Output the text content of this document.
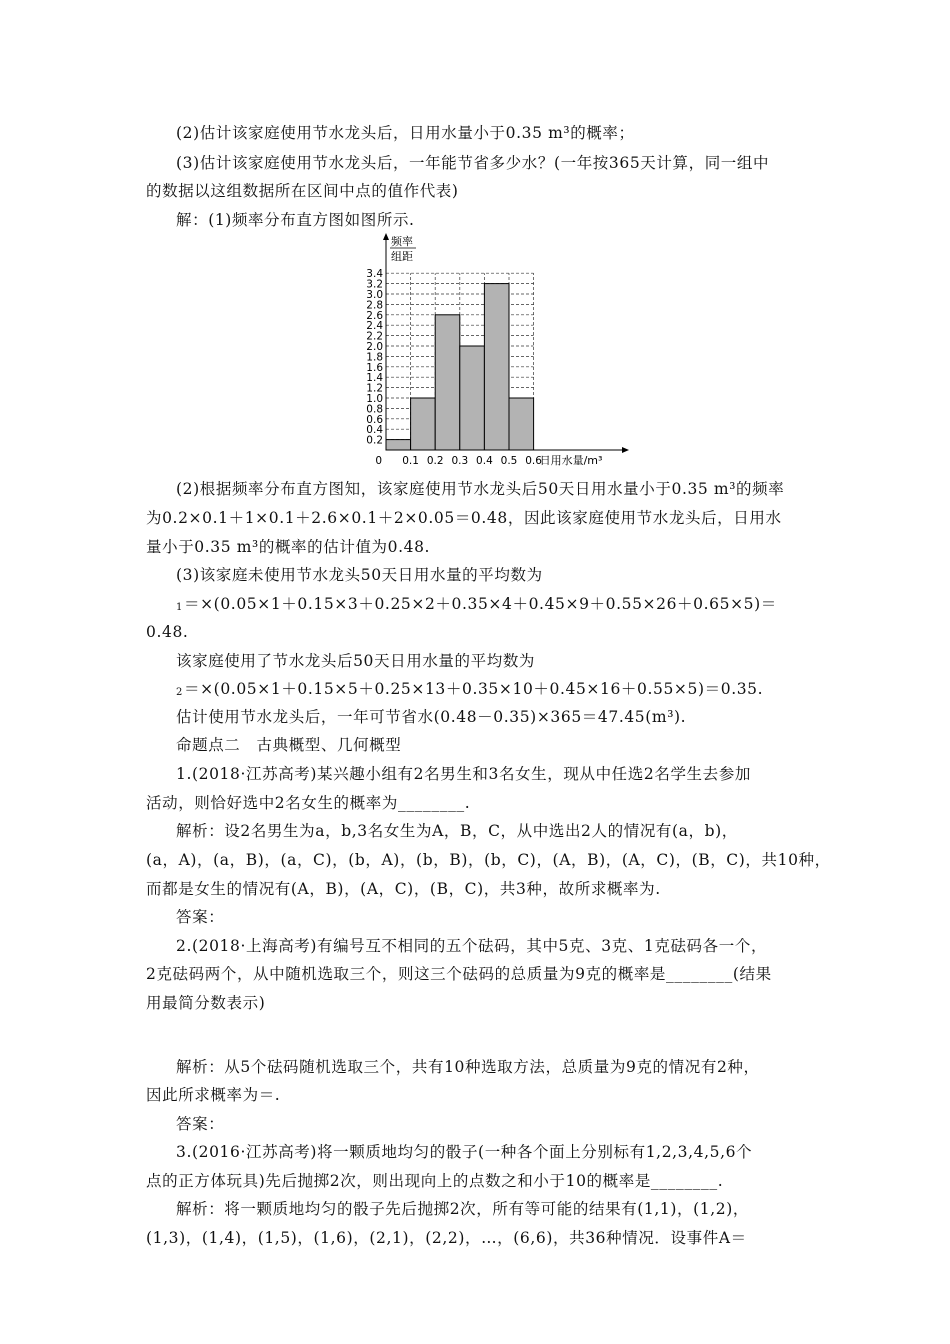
(2)估计该家庭使用节水龙头后，日用水量小于0.35 m³的概率；
(3)估计该家庭使用节水龙头后，一年能节省多少水？(一年按365天计算，同一组中
的数据以这组数据所在区间中点的值作代表)
解：(1)频率分布直方图如图所示.
0.2
0.4
0.6
0.8
1.0
1.2
1.4
1.6
1.8
2.0
2.2
2.4
2.6
2.8
3.0
3.2
3.4
0.1 0.2 0.3 0.4 0.5 0.6
0
频率
组距
日用水量/m³
(2)根据频率分布直方图知，该家庭使用节水龙头后50天日用水量小于0.35 m³的频率
为0.2×0.1＋1×0.1＋2.6×0.1＋2×0.05＝0.48，因此该家庭使用节水龙头后，日用水
量小于0.35 m³的概率的估计值为0.48.
(3)该家庭未使用节水龙头50天日用水量的平均数为
1 ＝×(0.05×1＋0.15×3＋0.25×2＋0.35×4＋0.45×9＋0.55×26＋0.65×5)＝
0.48.
该家庭使用了节水龙头后50天日用水量的平均数为
2 ＝×(0.05×1＋0.15×5＋0.25×13＋0.35×10＋0.45×16＋0.55×5)＝0.35.
估计使用节水龙头后，一年可节省水(0.48－0.35)×365＝47.45(m³).
命题点二　古典概型、几何概型
1.(2018·江苏高考)某兴趣小组有2名男生和3名女生，现从中任选2名学生去参加
活动，则恰好选中2名女生的概率为________.
解析：设2名男生为a，b,3名女生为A，B，C，从中选出2人的情况有(a，b)，
(a，A)，(a，B)，(a，C)，(b，A)，(b，B)，(b，C)，(A，B)，(A，C)，(B，C)，共10种，
而都是女生的情况有(A，B)，(A，C)，(B，C)，共3种，故所求概率为.
答案：
2.(2018·上海高考)有编号互不相同的五个砝码，其中5克、3克、1克砝码各一个，
2克砝码两个，从中随机选取三个，则这三个砝码的总质量为9克的概率是________(结果
用最简分数表示)
解析：从5个砝码随机选取三个，共有10种选取方法，总质量为9克的情况有2种，
因此所求概率为＝.
答案：
3.(2016·江苏高考)将一颗质地均匀的骰子(一种各个面上分别标有1,2,3,4,5,6个
点的正方体玩具)先后抛掷2次，则出现向上的点数之和小于10的概率是________.
解析：将一颗质地均匀的骰子先后抛掷2次，所有等可能的结果有(1,1)，(1,2)，
(1,3)，(1,4)，(1,5)，(1,6)，(2,1)，(2,2)，…，(6,6)，共36种情况．设事件A＝
